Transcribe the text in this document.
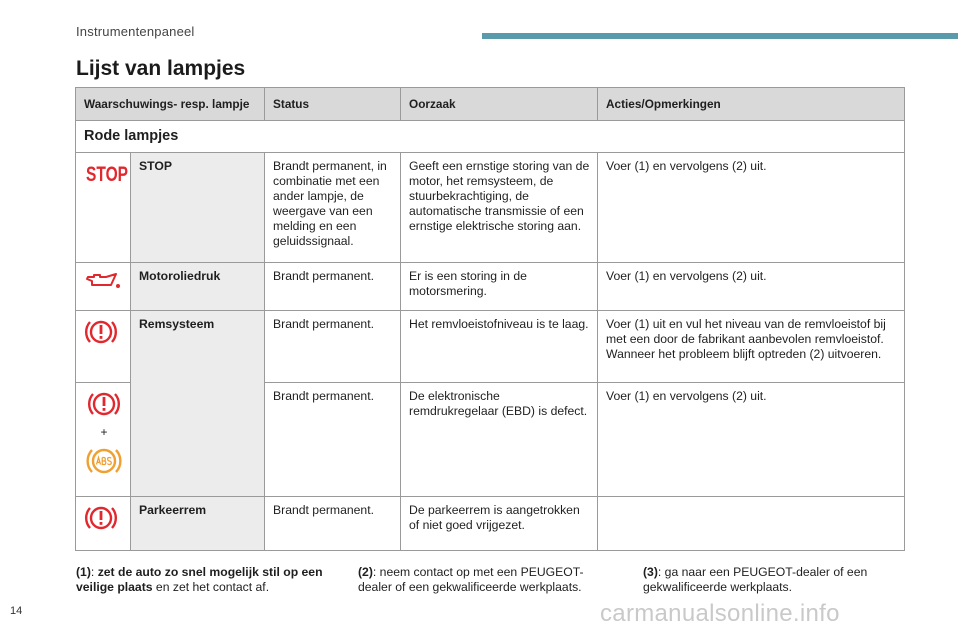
Instrumentenpaneel
Lijst van lampjes
Waarschuwings- resp. lampje		Status	Oorzaak	Acties/Opmerkingen
Rode lampjes				

STOP	STOP	Brandt permanent, in combinatie met een ander lampje, de weergave van een melding en een geluidssignaal.	Geeft een ernstige storing van de motor, het remsysteem, de stuurbekrachtiging, de automatische transmissie of een ernstige elektrische storing aan.	Voer (1) en vervolgens (2) uit.
	Motoroliedruk	Brandt permanent.	Er is een storing in de motorsmering.	Voer (1) en vervolgens (2) uit.
	Remsysteem	Brandt permanent.	Het remvloeistofniveau is te laag.	Voer (1) uit en vul het niveau van de remvloeistof bij met een door de fabrikant aanbevolen remvloeistof. Wanneer het probleem blijft optreden (2) uitvoeren.

+		Brandt permanent.	De elektronische remdrukregelaar (EBD) is defect.	Voer (1) en vervolgens (2) uit.
	Parkeerrem	Brandt permanent.	De parkeerrem is aangetrokken of niet goed vrijgezet.	
(1): zet de auto zo snel mogelijk stil op een veilige plaats en zet het contact af.
(2): neem contact op met een PEUGEOT-dealer of een gekwalificeerde werkplaats.
(3): ga naar een PEUGEOT-dealer of een gekwalificeerde werkplaats.
14	carmanualsonline.info
